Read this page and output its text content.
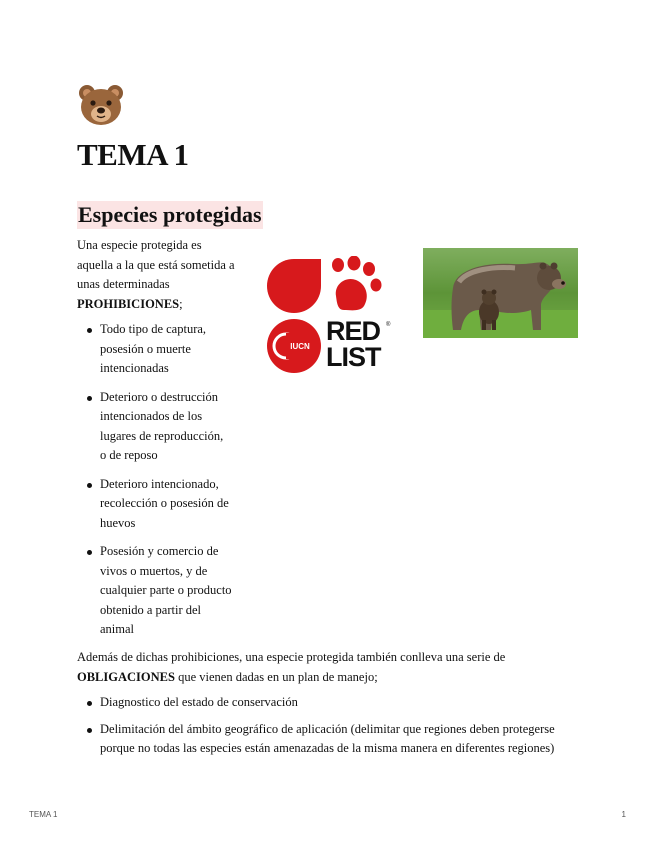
TEMA 1
Especies protegidas

Una especie protegida es aquella a la que está sometida a unas determinadas PROHIBICIONES;

Todo tipo de captura, posesión o muerte intencionadas
Deterioro o destrucción intencionados de los lugares de reproducción, o de reposo
Deterioro intencionado, recolección o posesión de huevos
Posesión y comercio de vivos o muertos, y de cualquier parte o producto obtenido a partir del animal
IUCN
RED ®
LIST

Además de dichas prohibiciones, una especie protegida también conlleva una serie de OBLIGACIONES que vienen dadas en un plan de manejo;

Diagnostico del estado de conservación
Delimitación del ámbito geográfico de aplicación (delimitar que regiones deben protegerse porque no todas las especies están amenazadas de la misma manera en diferentes regiones)
TEMA 1	1
